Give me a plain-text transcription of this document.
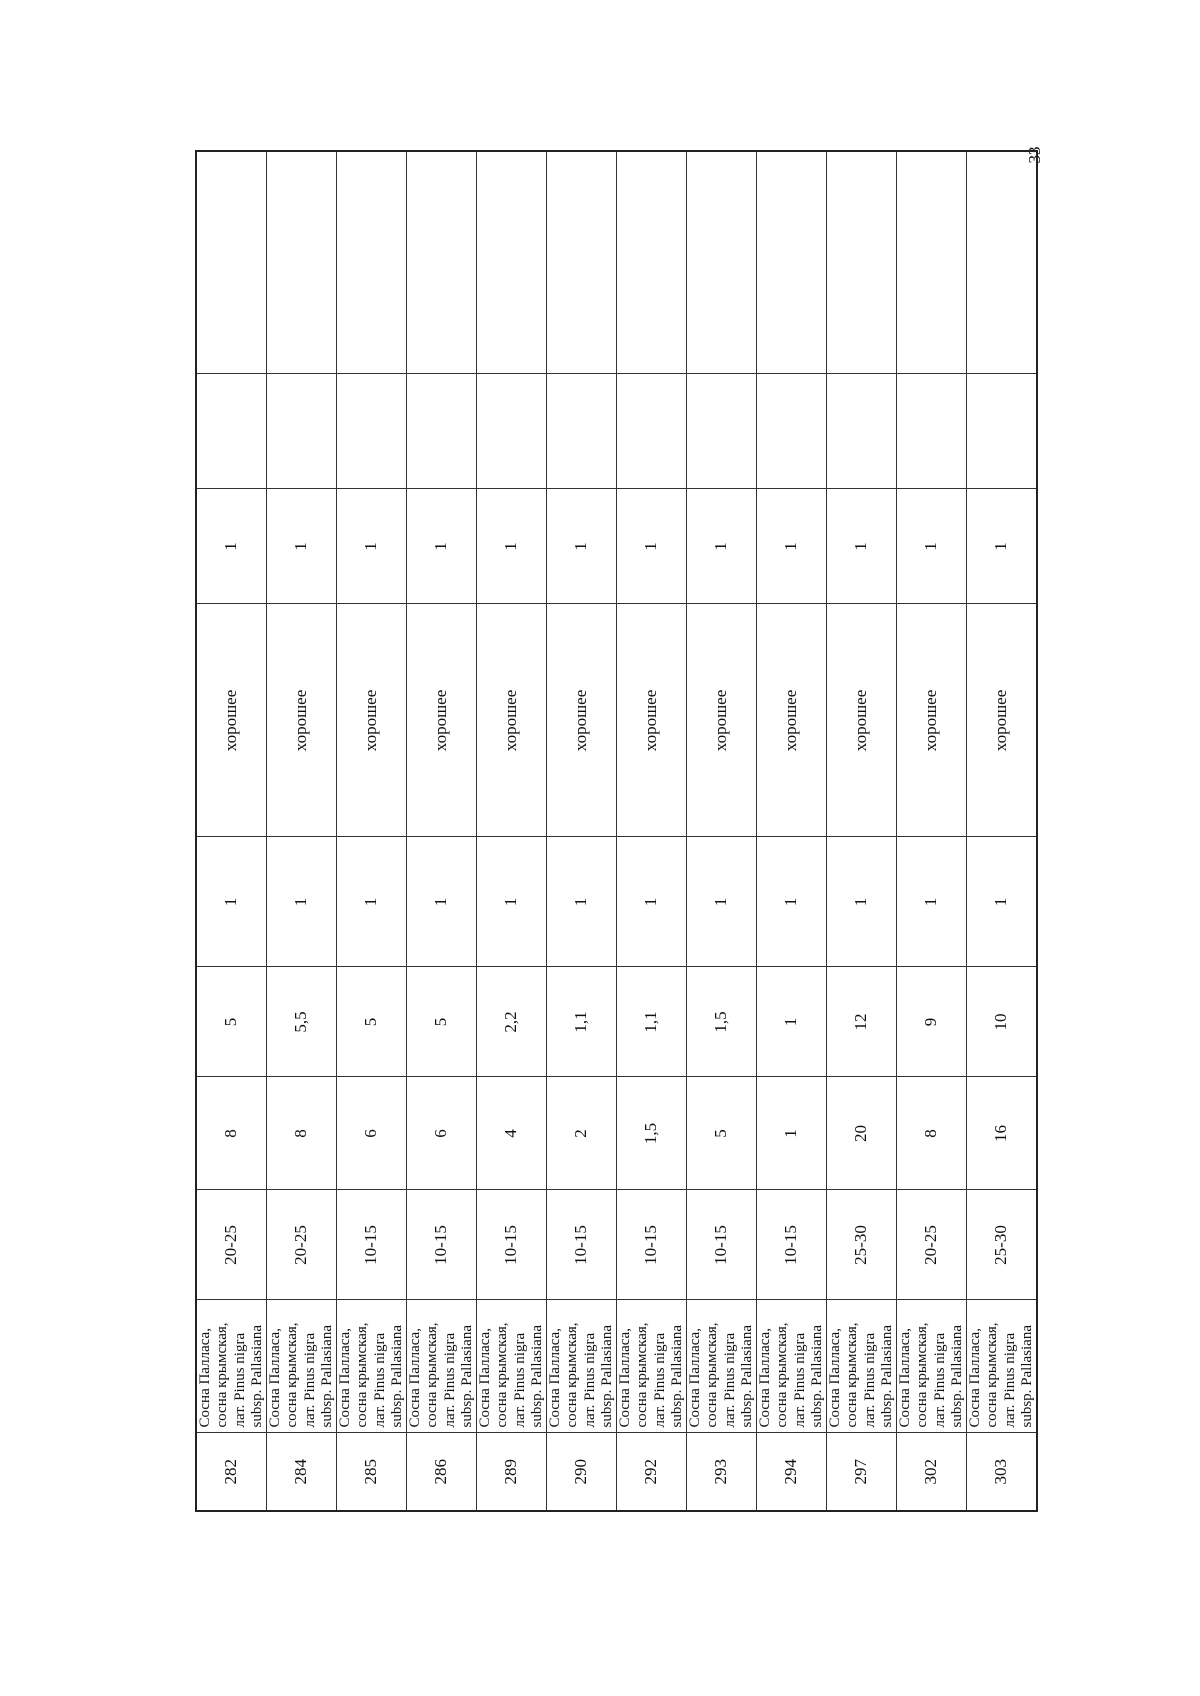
33
282	Сосна Палласа, сосна крымская, лат. Pinus nigra subsp. Pallasiana	20-25	8	5	1	хорошее	1		
284	Сосна Палласа, сосна крымская, лат. Pinus nigra subsp. Pallasiana	20-25	8	5,5	1	хорошее	1		
285	Сосна Палласа, сосна крымская, лат. Pinus nigra subsp. Pallasiana	10-15	6	5	1	хорошее	1		
286	Сосна Палласа, сосна крымская, лат. Pinus nigra subsp. Pallasiana	10-15	6	5	1	хорошее	1		
289	Сосна Палласа, сосна крымская, лат. Pinus nigra subsp. Pallasiana	10-15	4	2,2	1	хорошее	1		
290	Сосна Палласа, сосна крымская, лат. Pinus nigra subsp. Pallasiana	10-15	2	1,1	1	хорошее	1		
292	Сосна Палласа, сосна крымская, лат. Pinus nigra subsp. Pallasiana	10-15	1,5	1,1	1	хорошее	1		
293	Сосна Палласа, сосна крымская, лат. Pinus nigra subsp. Pallasiana	10-15	5	1,5	1	хорошее	1		
294	Сосна Палласа, сосна крымская, лат. Pinus nigra subsp. Pallasiana	10-15	1	1	1	хорошее	1		
297	Сосна Палласа, сосна крымская, лат. Pinus nigra subsp. Pallasiana	25-30	20	12	1	хорошее	1		
302	Сосна Палласа, сосна крымская, лат. Pinus nigra subsp. Pallasiana	20-25	8	9	1	хорошее	1		
303	Сосна Палласа, сосна крымская, лат. Pinus nigra subsp. Pallasiana	25-30	16	10	1	хорошее	1		
